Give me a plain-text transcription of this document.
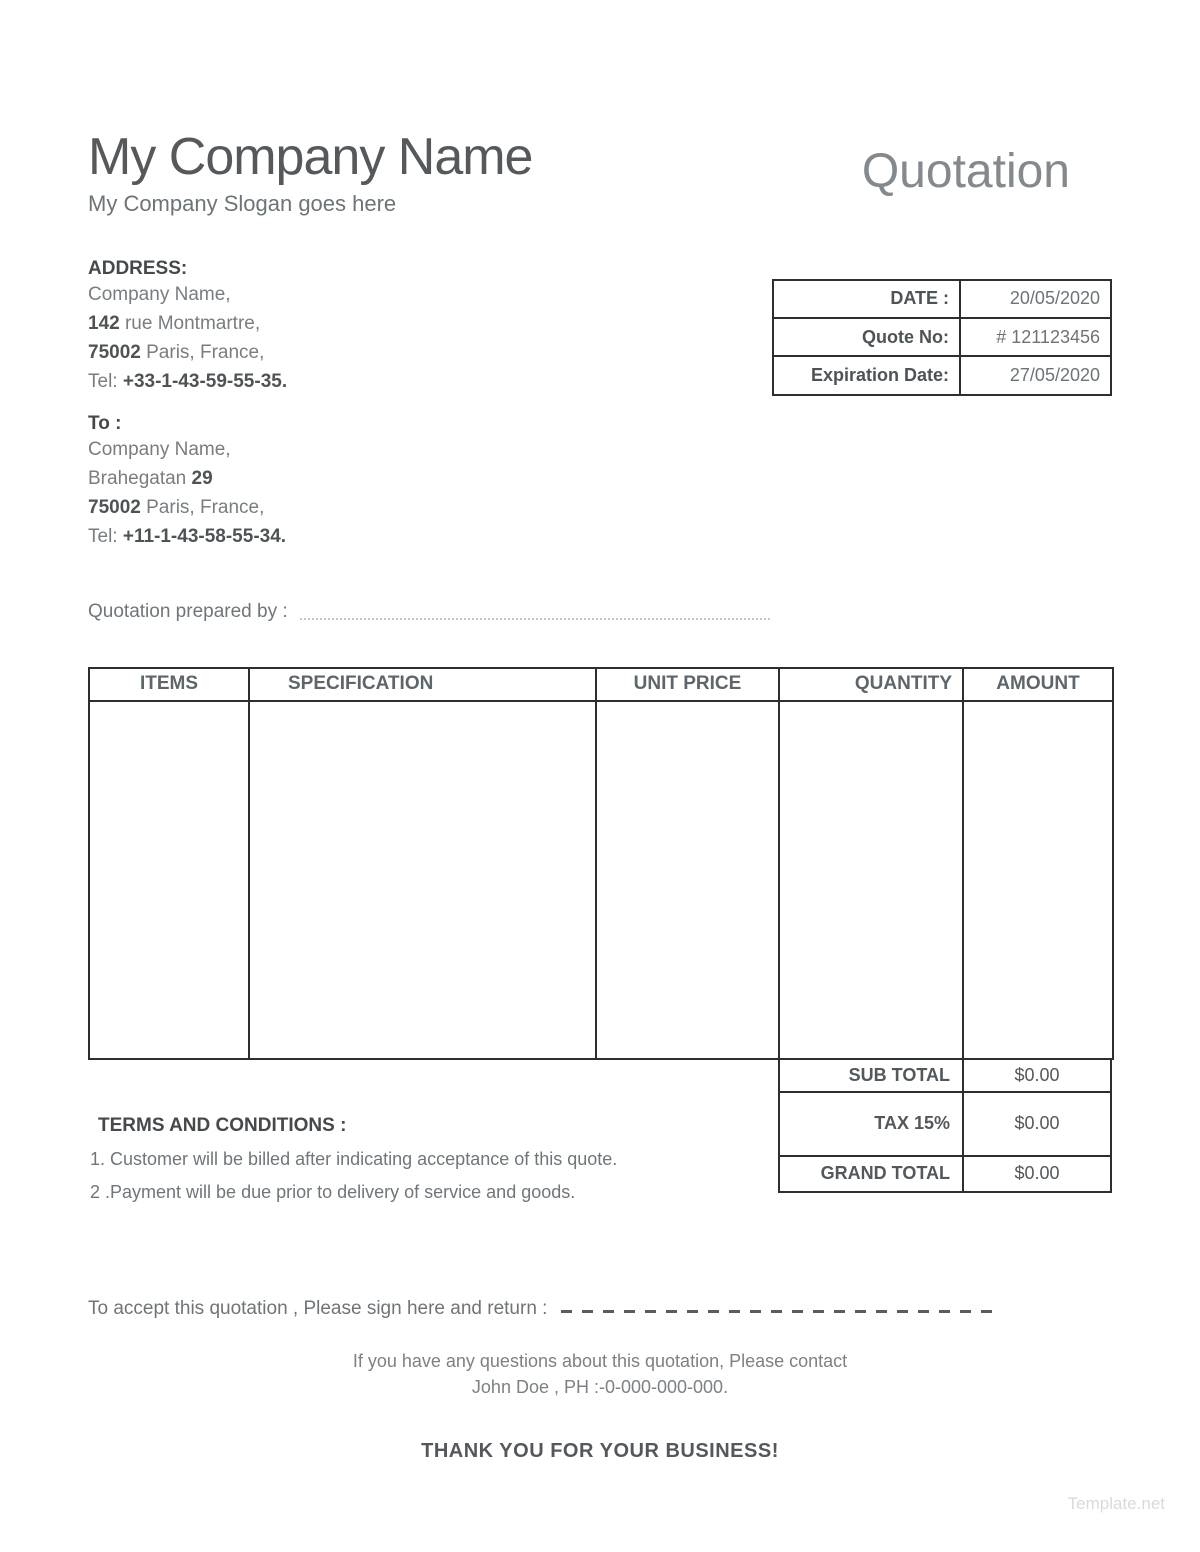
My Company Name
My Company Slogan goes here
Quotation
ADDRESS:
Company Name,
142 rue Montmartre,
75002 Paris, France,
Tel: +33-1-43-59-55-35.
DATE :	20/05/2020
Quote No:	# 121123456
Expiration Date:	27/05/2020
To :
Company Name,
Brahegatan 29
75002 Paris, France,
Tel: +11-1-43-58-55-34.
Quotation prepared by :
ITEMS	SPECIFICATION	UNIT PRICE	QUANTITY	AMOUNT

TERMS AND CONDITIONS :
1. Customer will be billed after indicating acceptance of this quote.
2 .Payment will be due prior to delivery of service and goods.
SUB TOTAL	$0.00
TAX 15%	$0.00
GRAND TOTAL	$0.00
To accept this quotation , Please sign here and return :
If you have any questions about this quotation, Please contact
John Doe , PH :-0-000-000-000.
THANK YOU FOR YOUR BUSINESS!
Template.net
